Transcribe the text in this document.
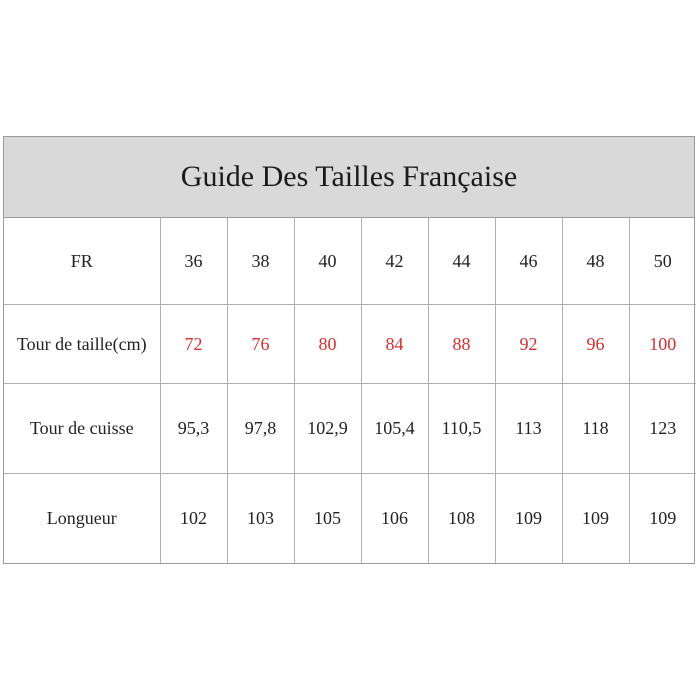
Guide Des Tailles Française
FR	36	38	40	42	44	46	48	50
Tour de taille(cm)	72	76	80	84	88	92	96	100
Tour de cuisse	95,3	97,8	102,9	105,4	110,5	113	118	123
Longueur	102	103	105	106	108	109	109	109
